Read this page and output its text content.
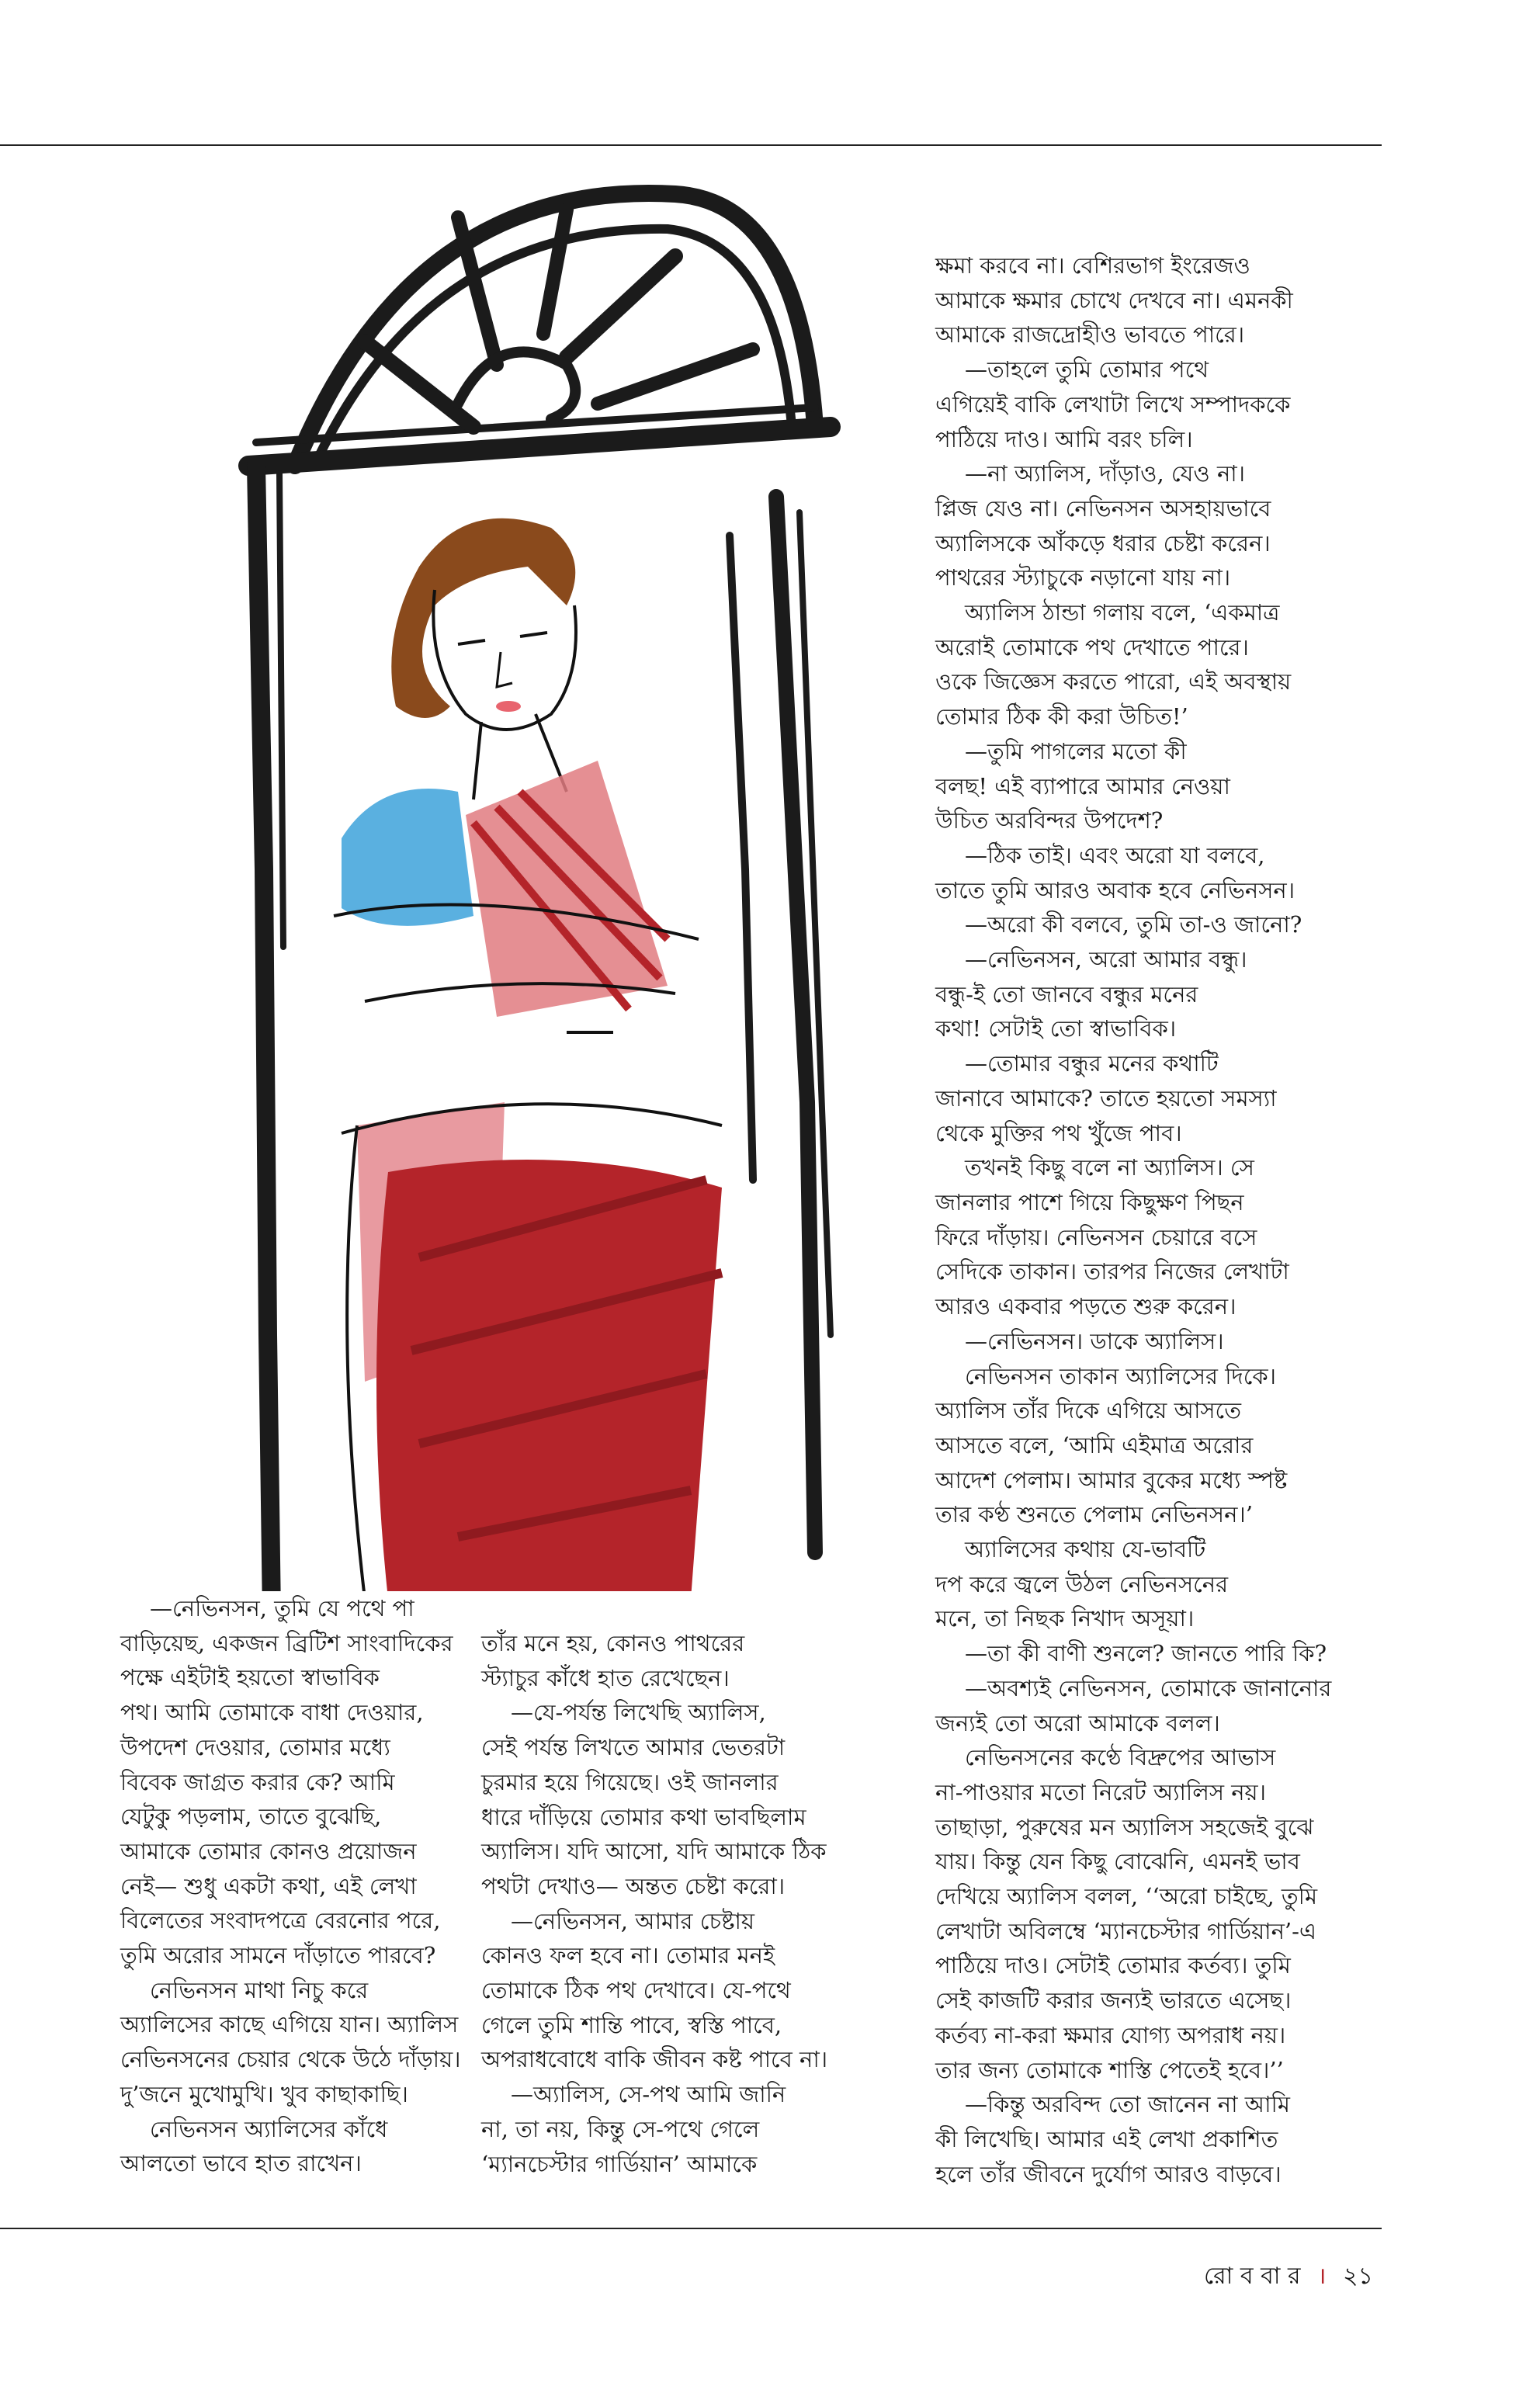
—নেভিনসন, তুমি যে পথে পা

বাড়িয়েছ, একজন ব্রিটিশ সাংবাদিকের

পক্ষে এইটাই হয়তো স্বাভাবিক

পথ। আমি তোমাকে বাধা দেওয়ার,

উপদেশ দেওয়ার, তোমার মধ্যে

বিবেক জাগ্রত করার কে? আমি

যেটুকু পড়লাম, তাতে বুঝেছি,

আমাকে তোমার কোনও প্রয়োজন

নেই— শুধু একটা কথা, এই লেখা

বিলেতের সংবাদপত্রে বেরনোর পরে,

তুমি অরোর সামনে দাঁড়াতে পারবে?

নেভিনসন মাথা নিচু করে

অ্যালিসের কাছে এগিয়ে যান। অ্যালিস

নেভিনসনের চেয়ার থেকে উঠে দাঁড়ায়।

দু’জনে মুখোমুখি। খুব কাছাকাছি।

নেভিনসন অ্যালিসের কাঁধে

আলতো ভাবে হাত রাখেন।

তাঁর মনে হয়, কোনও পাথরের

স্ট্যাচুর কাঁধে হাত রেখেছেন।

—যে-পর্যন্ত লিখেছি অ্যালিস,

সেই পর্যন্ত লিখতে আমার ভেতরটা

চুরমার হয়ে গিয়েছে। ওই জানলার

ধারে দাঁড়িয়ে তোমার কথা ভাবছিলাম

অ্যালিস। যদি আসো, যদি আমাকে ঠিক

পথটা দেখাও— অন্তত চেষ্টা করো।

—নেভিনসন, আমার চেষ্টায়

কোনও ফল হবে না। তোমার মনই

তোমাকে ঠিক পথ দেখাবে। যে-পথে

গেলে তুমি শান্তি পাবে, স্বস্তি পাবে,

অপরাধবোধে বাকি জীবন কষ্ট পাবে না।

—অ্যালিস, সে-পথ আমি জানি

না, তা নয়, কিন্তু সে-পথে গেলে

‘ম্যানচেস্টার গার্ডিয়ান’ আমাকে

ক্ষমা করবে না। বেশিরভাগ ইংরেজও

আমাকে ক্ষমার চোখে দেখবে না। এমনকী

আমাকে রাজদ্রোহীও ভাবতে পারে।

—তাহলে তুমি তোমার পথে

এগিয়েই বাকি লেখাটা লিখে সম্পাদককে

পাঠিয়ে দাও। আমি বরং চলি।

—না অ্যালিস, দাঁড়াও, যেও না।

প্লিজ যেও না। নেভিনসন অসহায়ভাবে

অ্যালিসকে আঁকড়ে ধরার চেষ্টা করেন।

পাথরের স্ট্যাচুকে নড়ানো যায় না।

অ্যালিস ঠান্ডা গলায় বলে, ‘একমাত্র

অরোই তোমাকে পথ দেখাতে পারে।

ওকে জিজ্ঞেস করতে পারো, এই অবস্থায়

তোমার ঠিক কী করা উচিত!’

—তুমি পাগলের মতো কী

বলছ! এই ব্যাপারে আমার নেওয়া

উচিত অরবিন্দর উপদেশ?

—ঠিক তাই। এবং অরো যা বলবে,

তাতে তুমি আরও অবাক হবে নেভিনসন।

—অরো কী বলবে, তুমি তা-ও জানো?

—নেভিনসন, অরো আমার বন্ধু।

বন্ধু-ই তো জানবে বন্ধুর মনের

কথা! সেটাই তো স্বাভাবিক।

—তোমার বন্ধুর মনের কথাটি

জানাবে আমাকে? তাতে হয়তো সমস্যা

থেকে মুক্তির পথ খুঁজে পাব।

তখনই কিছু বলে না অ্যালিস। সে

জানলার পাশে গিয়ে কিছুক্ষণ পিছন

ফিরে দাঁড়ায়। নেভিনসন চেয়ারে বসে

সেদিকে তাকান। তারপর নিজের লেখাটা

আরও একবার পড়তে শুরু করেন।

—নেভিনসন। ডাকে অ্যালিস।

নেভিনসন তাকান অ্যালিসের দিকে।

অ্যালিস তাঁর দিকে এগিয়ে আসতে

আসতে বলে, ‘আমি এইমাত্র অরোর

আদেশ পেলাম। আমার বুকের মধ্যে স্পষ্ট

তার কণ্ঠ শুনতে পেলাম নেভিনসন।’

অ্যালিসের কথায় যে-ভাবটি

দপ করে জ্বলে উঠল নেভিনসনের

মনে, তা নিছক নিখাদ অসূয়া।

—তা কী বাণী শুনলে? জানতে পারি কি?

—অবশ্যই নেভিনসন, তোমাকে জানানোর

জন্যই তো অরো আমাকে বলল।

নেভিনসনের কণ্ঠে বিদ্রুপের আভাস

না-পাওয়ার মতো নিরেট অ্যালিস নয়।

তাছাড়া, পুরুষের মন অ্যালিস সহজেই বুঝে

যায়। কিন্তু যেন কিছু বোঝেনি, এমনই ভাব

দেখিয়ে অ্যালিস বলল, ‘‘অরো চাইছে, তুমি

লেখাটা অবিলম্বে ‘ম্যানচেস্টার গার্ডিয়ান’-এ

পাঠিয়ে দাও। সেটাই তোমার কর্তব্য। তুমি

সেই কাজটি করার জন্যই ভারতে এসেছ।

কর্তব্য না-করা ক্ষমার যোগ্য অপরাধ নয়।

তার জন্য তোমাকে শাস্তি পেতেই হবে।’’

—কিন্তু অরবিন্দ তো জানেন না আমি

কী লিখেছি। আমার এই লেখা প্রকাশিত

হলে তাঁর জীবনে দুর্যোগ আরও বাড়বে।

রো ব বা র । ২১
